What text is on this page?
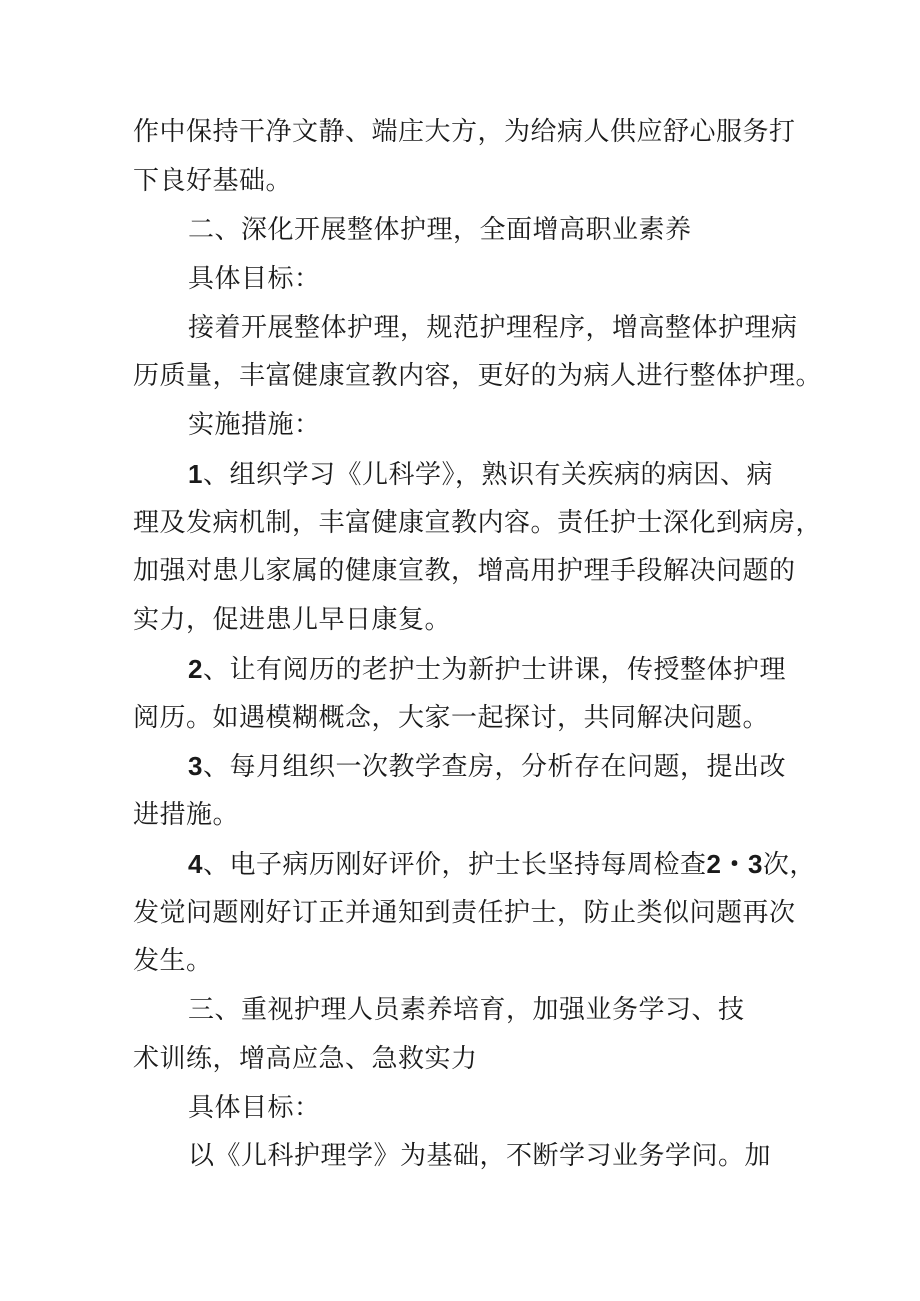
作中保持干净文静、端庄大方，为给病人供应舒心服务打
下良好基础。
二、深化开展整体护理，全面增高职业素养
具体目标：
接着开展整体护理，规范护理程序，增高整体护理病
历质量，丰富健康宣教内容，更好的为病人进行整体护理。
实施措施：
1、组织学习《儿科学》，熟识有关疾病的病因、病
理及发病机制，丰富健康宣教内容。责任护士深化到病房，
加强对患儿家属的健康宣教，增高用护理手段解决问题的
实力，促进患儿早日康复。
2、让有阅历的老护士为新护士讲课，传授整体护理
阅历。如遇模糊概念，大家一起探讨，共同解决问题。
3、每月组织一次教学查房，分析存在问题，提出改
进措施。
4、电子病历刚好评价，护士长坚持每周检查2・3次，
发觉问题刚好订正并通知到责任护士，防止类似问题再次
发生。
三、重视护理人员素养培育，加强业务学习、技
术训练，增高应急、急救实力
具体目标：
以《儿科护理学》为基础，不断学习业务学问。加
